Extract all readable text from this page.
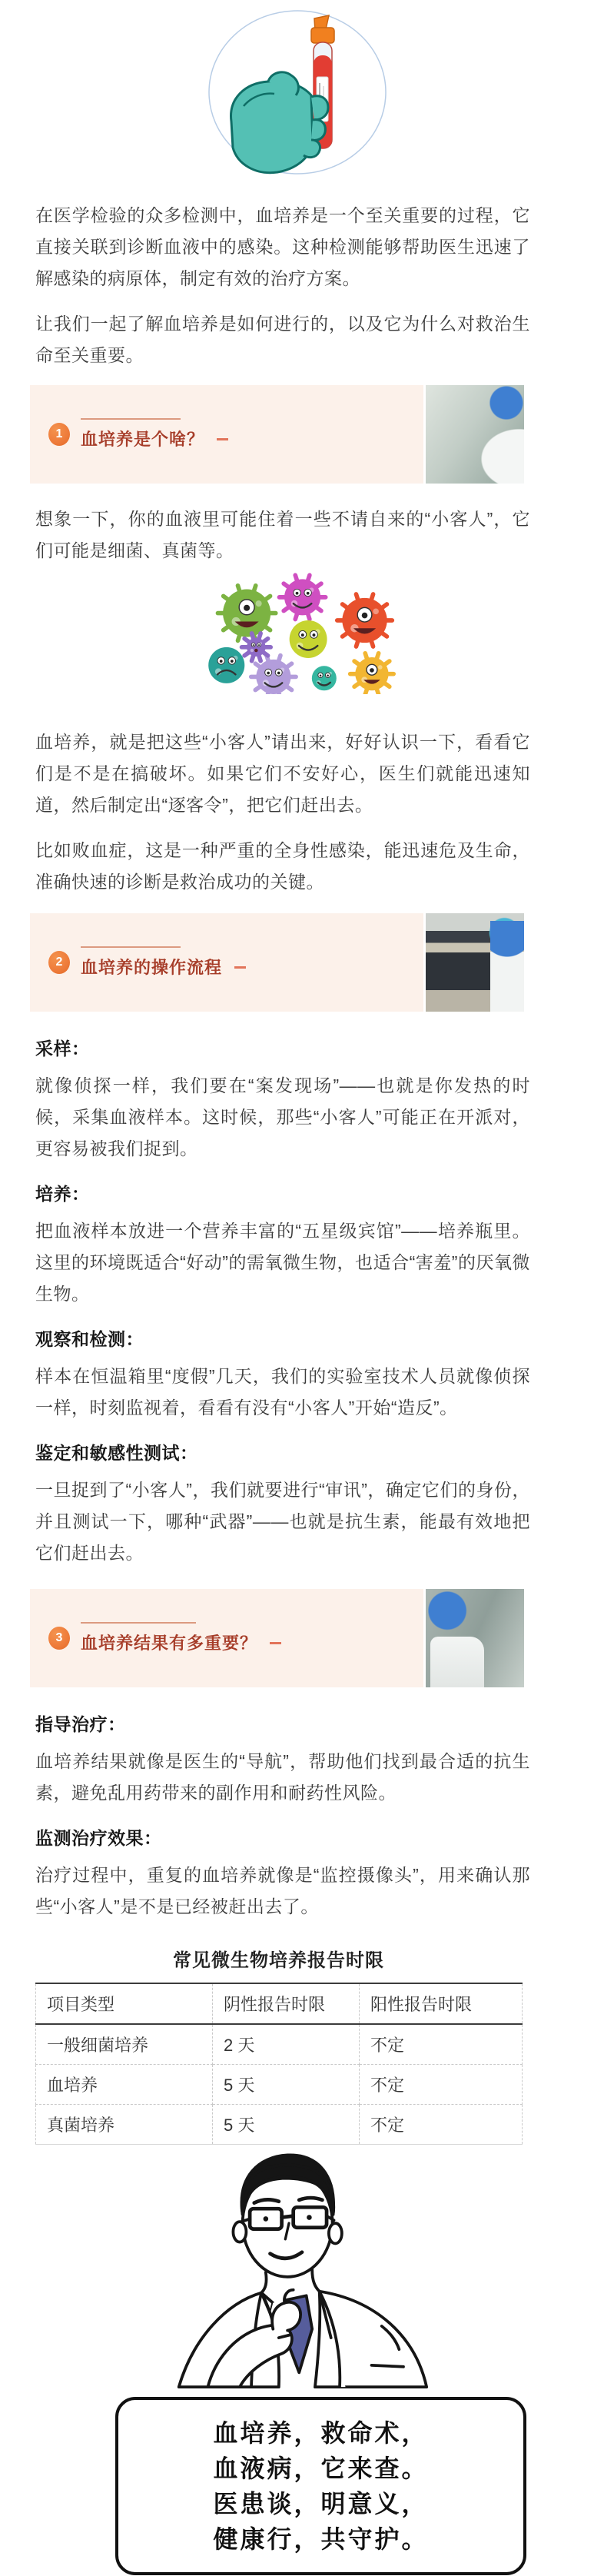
在医学检验的众多检测中，血培养是一个至关重要的过程，它直接关联到诊断血液中的感染。这种检测能够帮助医生迅速了解感染的病原体，制定有效的治疗方案。

让我们一起了解血培养是如何进行的，以及它为什么对救治生命至关重要。

1	血培养是个啥？

想象一下，你的血液里可能住着一些不请自来的“小客人”，它们可能是细菌、真菌等。

血培养，就是把这些“小客人”请出来，好好认识一下，看看它们是不是在搞破坏。如果它们不安好心，医生们就能迅速知道，然后制定出“逐客令”，把它们赶出去。

比如败血症，这是一种严重的全身性感染，能迅速危及生命，准确快速的诊断是救治成功的关键。

2	血培养的操作流程
采样：

就像侦探一样，我们要在“案发现场”——也就是你发热的时候，采集血液样本。这时候，那些“小客人”可能正在开派对，更容易被我们捉到。

培养：

把血液样本放进一个营养丰富的“五星级宾馆”——培养瓶里。这里的环境既适合“好动”的需氧微生物，也适合“害羞”的厌氧微生物。

观察和检测：

样本在恒温箱里“度假”几天，我们的实验室技术人员就像侦探一样，时刻监视着，看看有没有“小客人”开始“造反”。

鉴定和敏感性测试：

一旦捉到了“小客人”，我们就要进行“审讯”，确定它们的身份，并且测试一下，哪种“武器”——也就是抗生素，能最有效地把它们赶出去。

3	血培养结果有多重要？
指导治疗：

血培养结果就像是医生的“导航”，帮助他们找到最合适的抗生素，避免乱用药带来的副作用和耐药性风险。

监测治疗效果：

治疗过程中，重复的血培养就像是“监控摄像头”，用来确认那些“小客人”是不是已经被赶出去了。

常见微生物培养报告时限
项目类型	阴性报告时限	阳性报告时限
一般细菌培养	2 天	不定
血培养	5 天	不定
真菌培养	5 天	不定
血培养，救命术，
血液病，它来查。
医患谈，明意义，
健康行，共守护。
